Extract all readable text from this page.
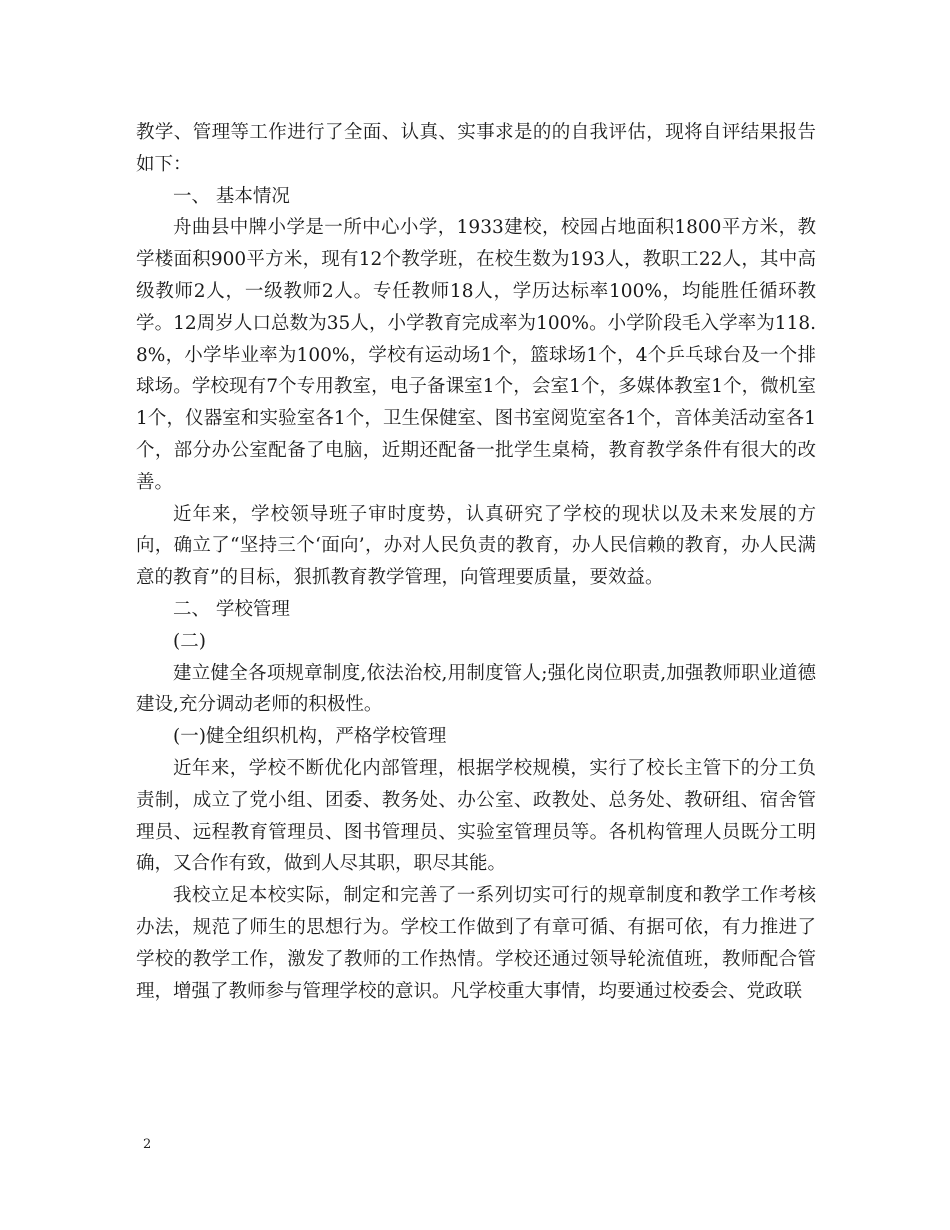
教学、管理等工作进行了全面、认真、实事求是的的自我评估，现将自评结果报告如下：

一、 基本情况

舟曲县中牌小学是一所中心小学，1933建校，校园占地面积1800平方米，教学楼面积900平方米，现有12个教学班，在校生数为193人，教职工22人，其中高级教师2人，一级教师2人。专任教师18人，学历达标率100%，均能胜任循环教学。12周岁人口总数为35人，小学教育完成率为100%。小学阶段毛入学率为118.8%，小学毕业率为100%，学校有运动场1个，篮球场1个，4个乒乓球台及一个排球场。学校现有7个专用教室，电子备课室1个，会室1个，多媒体教室1个，微机室1个，仪器室和实验室各1个，卫生保健室、图书室阅览室各1个，音体美活动室各1个，部分办公室配备了电脑，近期还配备一批学生桌椅，教育教学条件有很大的改善。

近年来，学校领导班子审时度势，认真研究了学校的现状以及未来发展的方向，确立了“坚持三个‘面向’，办对人民负责的教育，办人民信赖的教育，办人民满意的教育”的目标，狠抓教育教学管理，向管理要质量，要效益。

二、 学校管理

(二)

建立健全各项规章制度,依法治校,用制度管人;强化岗位职责,加强教师职业道德建设,充分调动老师的积极性。

(一)健全组织机构，严格学校管理

近年来，学校不断优化内部管理，根据学校规模，实行了校长主管下的分工负责制，成立了党小组、团委、教务处、办公室、政教处、总务处、教研组、宿舍管理员、远程教育管理员、图书管理员、实验室管理员等。各机构管理人员既分工明确，又合作有致，做到人尽其职，职尽其能。

我校立足本校实际，制定和完善了一系列切实可行的规章制度和教学工作考核办法，规范了师生的思想行为。学校工作做到了有章可循、有据可依，有力推进了学校的教学工作，激发了教师的工作热情。学校还通过领导轮流值班，教师配合管理，增强了教师参与管理学校的意识。凡学校重大事情，均要通过校委会、党政联

2
